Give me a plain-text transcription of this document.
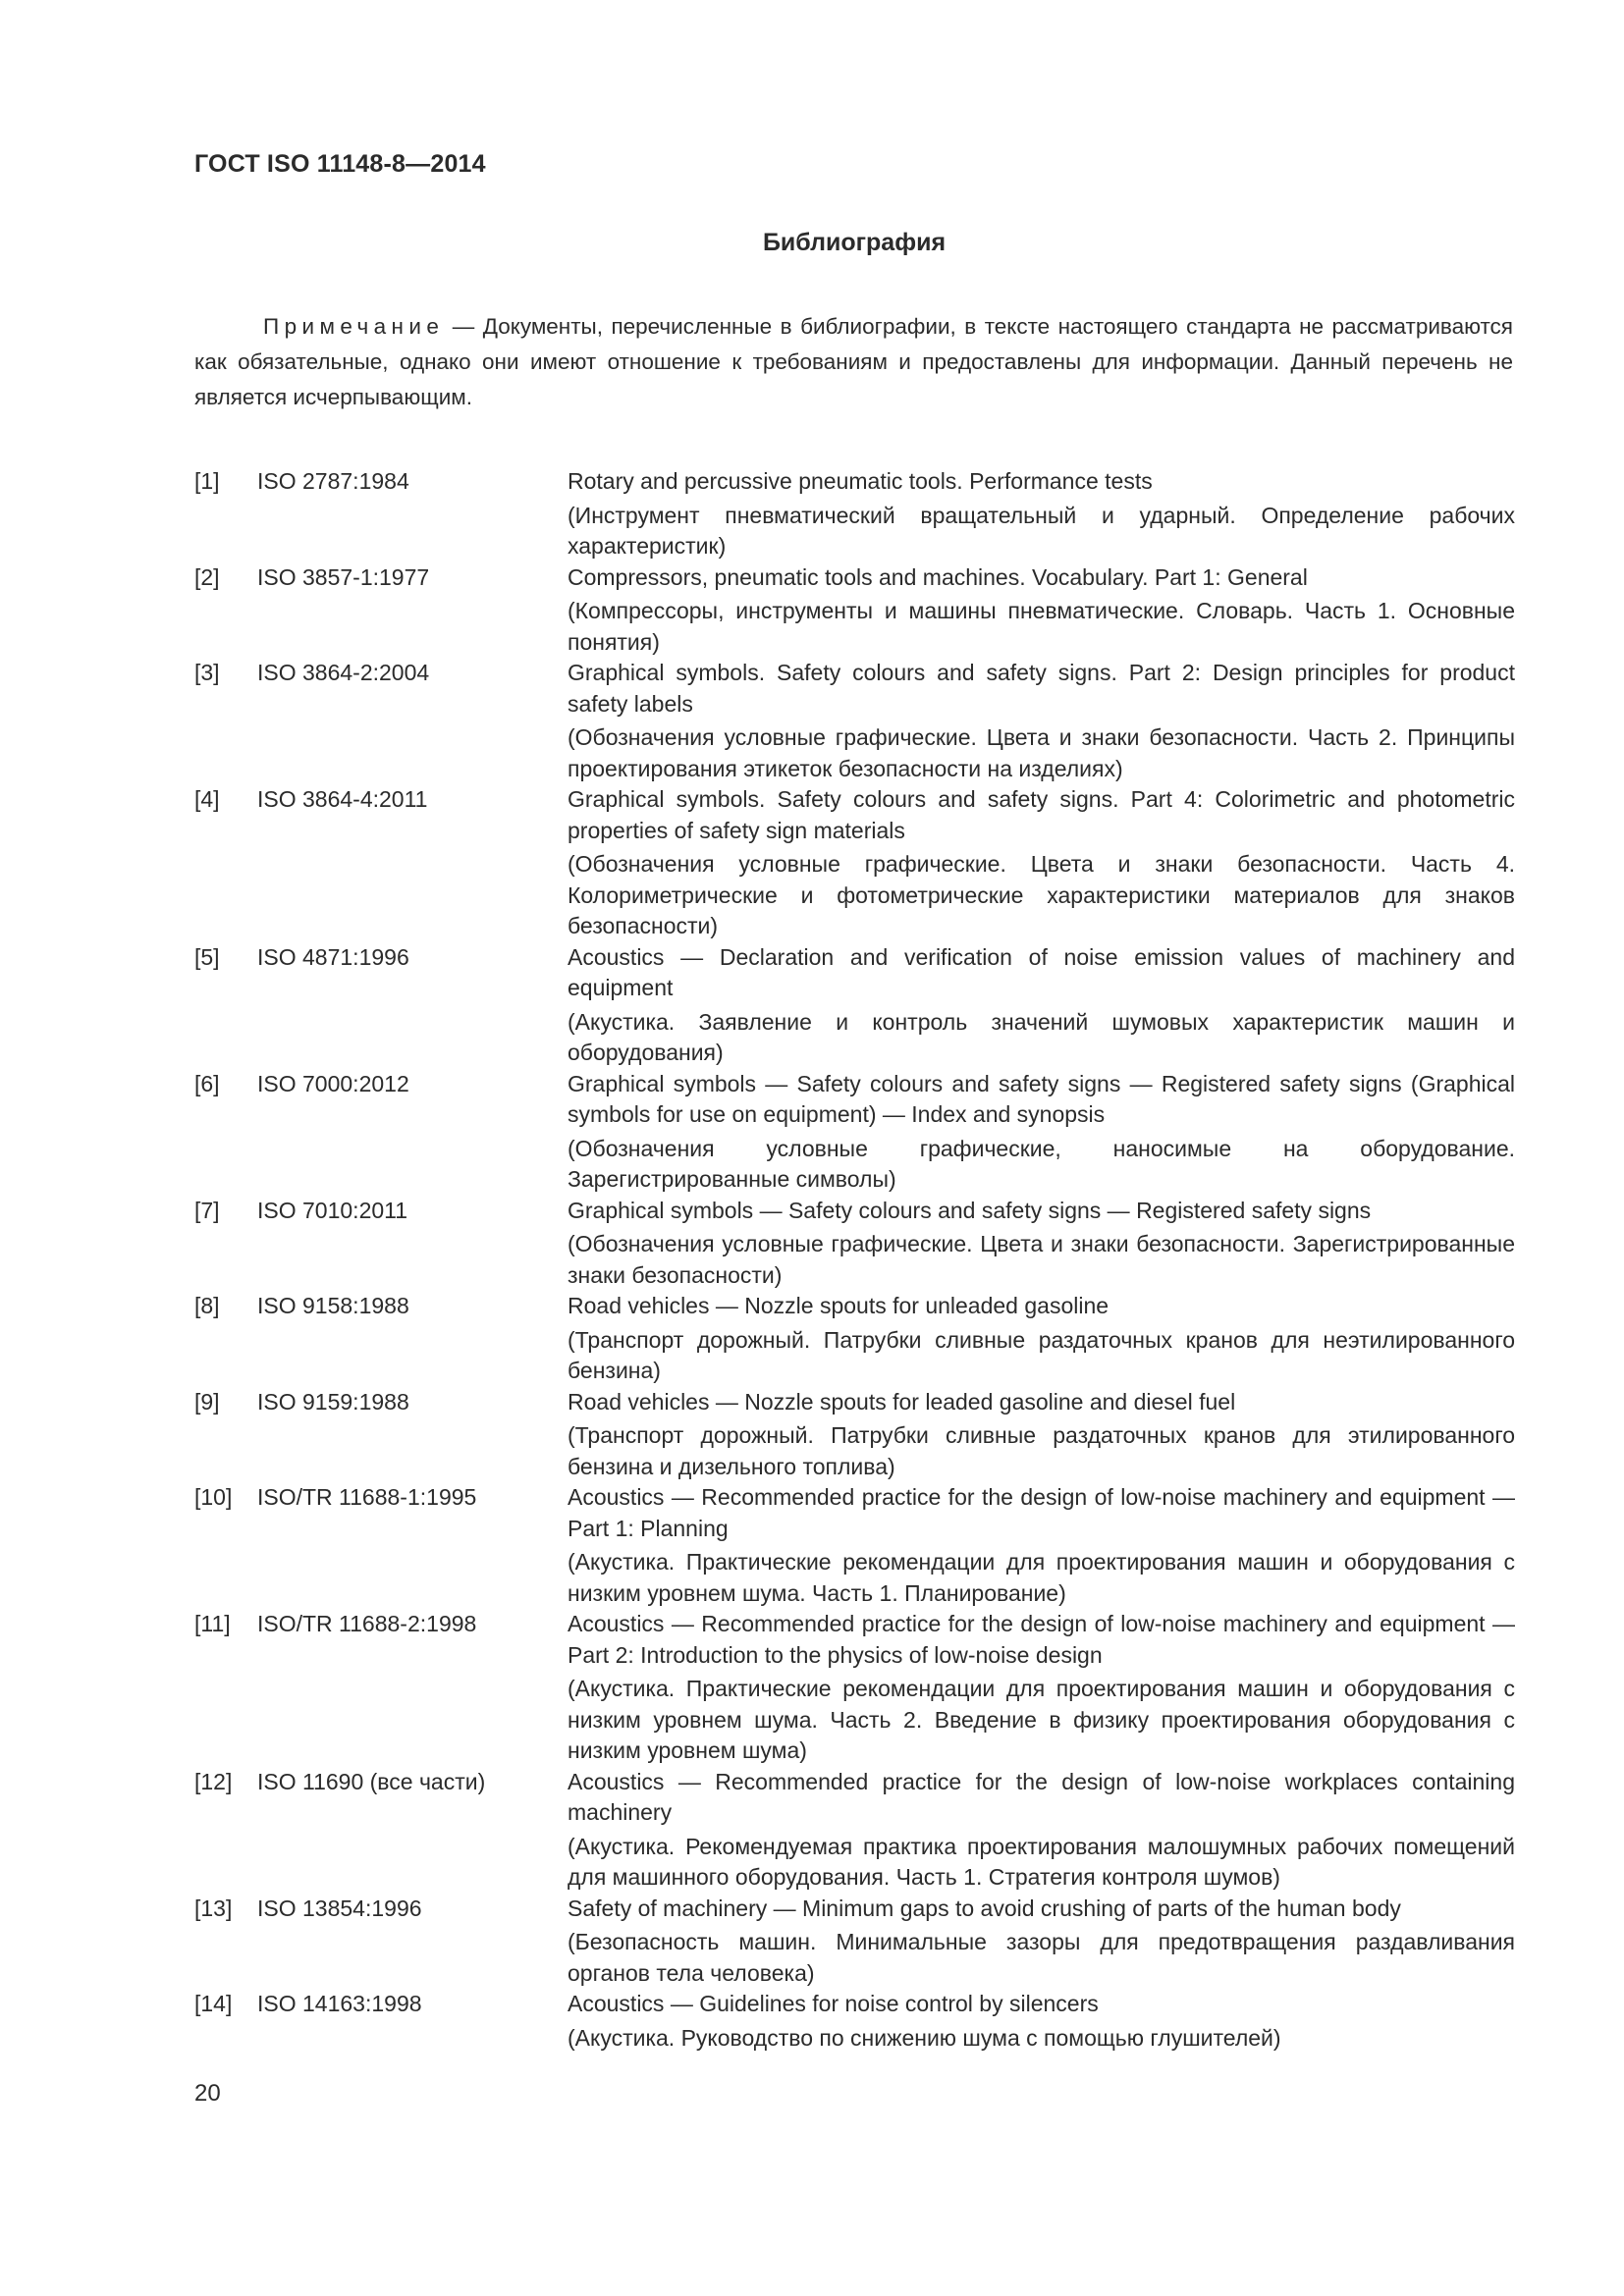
ГОСТ ISO 11148-8—2014
Библиография
Примечание — Документы, перечисленные в библиографии, в тексте настоящего стандарта не рассматриваются как обязательные, однако они имеют отношение к требованиям и предоставлены для информации. Данный перечень не является исчерпывающим.
[1] ISO 2787:1984	Rotary and percussive pneumatic tools. Performance tests
(Инструмент пневматический вращательный и ударный. Определение рабочих характеристик)
[2] ISO 3857-1:1977	Compressors, pneumatic tools and machines. Vocabulary. Part 1: General
(Компрессоры, инструменты и машины пневматические. Словарь. Часть 1. Основные понятия)
[3] ISO 3864-2:2004	Graphical symbols. Safety colours and safety signs. Part 2: Design principles for product safety labels
(Обозначения условные графические. Цвета и знаки безопасности. Часть 2. Принципы проектирования этикеток безопасности на изделиях)
[4] ISO 3864-4:2011	Graphical symbols. Safety colours and safety signs. Part 4: Colorimetric and photometric properties of safety sign materials
(Обозначения условные графические. Цвета и знаки безопасности. Часть 4. Колориметрические и фотометрические характеристики материалов для знаков безопасности)
[5] ISO 4871:1996	Acoustics — Declaration and verification of noise emission values of machinery and equipment
(Акустика. Заявление и контроль значений шумовых характеристик машин и оборудования)
[6] ISO 7000:2012	Graphical symbols — Safety colours and safety signs — Registered safety signs (Graphical symbols for use on equipment) — Index and synopsis
(Обозначения условные графические, наносимые на оборудование. Зарегистрированные символы)
[7] ISO 7010:2011	Graphical symbols — Safety colours and safety signs — Registered safety signs
(Обозначения условные графические. Цвета и знаки безопасности. Зарегистрированные знаки безопасности)
[8] ISO 9158:1988	Road vehicles — Nozzle spouts for unleaded gasoline
(Транспорт дорожный. Патрубки сливные раздаточных кранов для неэтилированного бензина)
[9] ISO 9159:1988	Road vehicles — Nozzle spouts for leaded gasoline and diesel fuel
(Транспорт дорожный. Патрубки сливные раздаточных кранов для этилированного бензина и дизельного топлива)
[10] ISO/TR 11688-1:1995	Acoustics — Recommended practice for the design of low-noise machinery and equipment — Part 1: Planning
(Акустика. Практические рекомендации для проектирования машин и оборудования с низким уровнем шума. Часть 1. Планирование)
[11] ISO/TR 11688-2:1998	Acoustics — Recommended practice for the design of low-noise machinery and equipment — Part 2: Introduction to the physics of low-noise design
(Акустика. Практические рекомендации для проектирования машин и оборудования с низким уровнем шума. Часть 2. Введение в физику проектирования оборудования с низким уровнем шума)
[12] ISO 11690 (все части)	Acoustics — Recommended practice for the design of low-noise workplaces containing machinery
(Акустика. Рекомендуемая практика проектирования малошумных рабочих помещений для машинного оборудования. Часть 1. Стратегия контроля шумов)
[13] ISO 13854:1996	Safety of machinery — Minimum gaps to avoid crushing of parts of the human body
(Безопасность машин. Минимальные зазоры для предотвращения раздавливания органов тела человека)
[14] ISO 14163:1998	Acoustics — Guidelines for noise control by silencers
(Акустика. Руководство по снижению шума с помощью глушителей)
20
